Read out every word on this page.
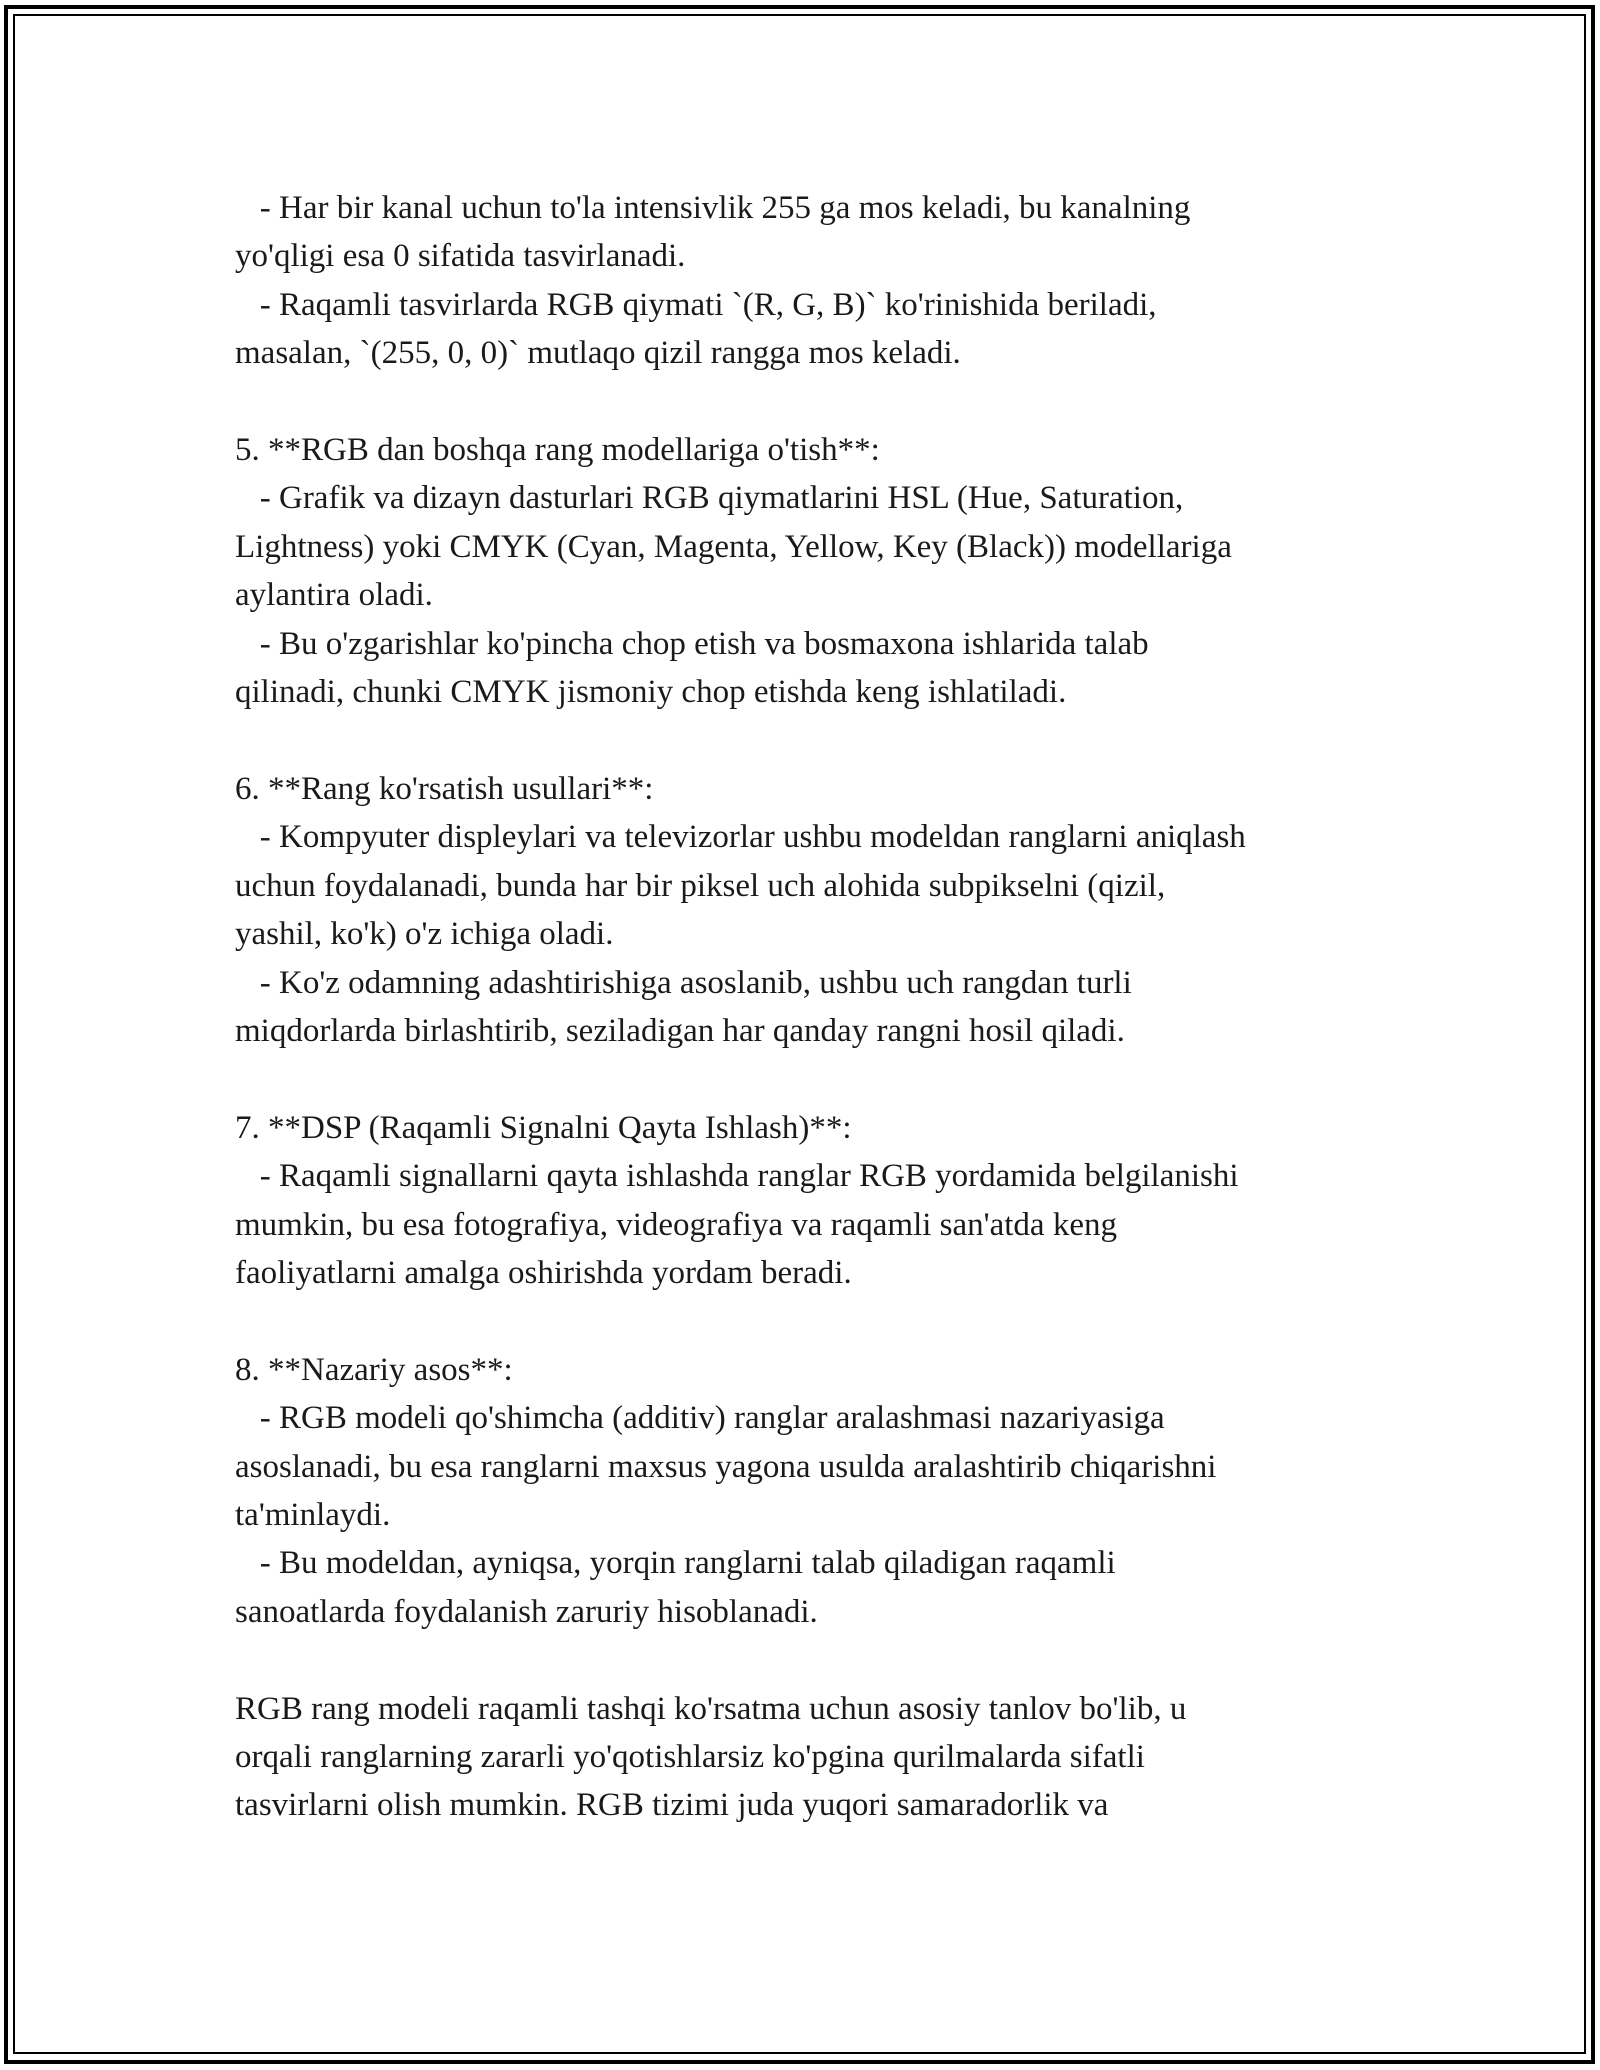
- Har bir kanal uchun to'la intensivlik 255 ga mos keladi, bu kanalning
yo'qligi esa 0 sifatida tasvirlanadi.
- Raqamli tasvirlarda RGB qiymati `(R, G, B)` ko'rinishida beriladi,
masalan, `(255, 0, 0)` mutlaqo qizil rangga mos keladi.

5. **RGB dan boshqa rang modellariga o'tish**:
- Grafik va dizayn dasturlari RGB qiymatlarini HSL (Hue, Saturation,
Lightness) yoki CMYK (Cyan, Magenta, Yellow, Key (Black)) modellariga
aylantira oladi.
- Bu o'zgarishlar ko'pincha chop etish va bosmaxona ishlarida talab
qilinadi, chunki CMYK jismoniy chop etishda keng ishlatiladi.

6. **Rang ko'rsatish usullari**:
- Kompyuter displeylari va televizorlar ushbu modeldan ranglarni aniqlash
uchun foydalanadi, bunda har bir piksel uch alohida subpikselni (qizil,
yashil, ko'k) o'z ichiga oladi.
- Ko'z odamning adashtirishiga asoslanib, ushbu uch rangdan turli
miqdorlarda birlashtirib, seziladigan har qanday rangni hosil qiladi.

7. **DSP (Raqamli Signalni Qayta Ishlash)**:
- Raqamli signallarni qayta ishlashda ranglar RGB yordamida belgilanishi
mumkin, bu esa fotografiya, videografiya va raqamli san'atda keng
faoliyatlarni amalga oshirishda yordam beradi.

8. **Nazariy asos**:
- RGB modeli qo'shimcha (additiv) ranglar aralashmasi nazariyasiga
asoslanadi, bu esa ranglarni maxsus yagona usulda aralashtirib chiqarishni
ta'minlaydi.
- Bu modeldan, ayniqsa, yorqin ranglarni talab qiladigan raqamli
sanoatlarda foydalanish zaruriy hisoblanadi.

RGB rang modeli raqamli tashqi ko'rsatma uchun asosiy tanlov bo'lib, u
orqali ranglarning zararli yo'qotishlarsiz ko'pgina qurilmalarda sifatli
tasvirlarni olish mumkin. RGB tizimi juda yuqori samaradorlik va
